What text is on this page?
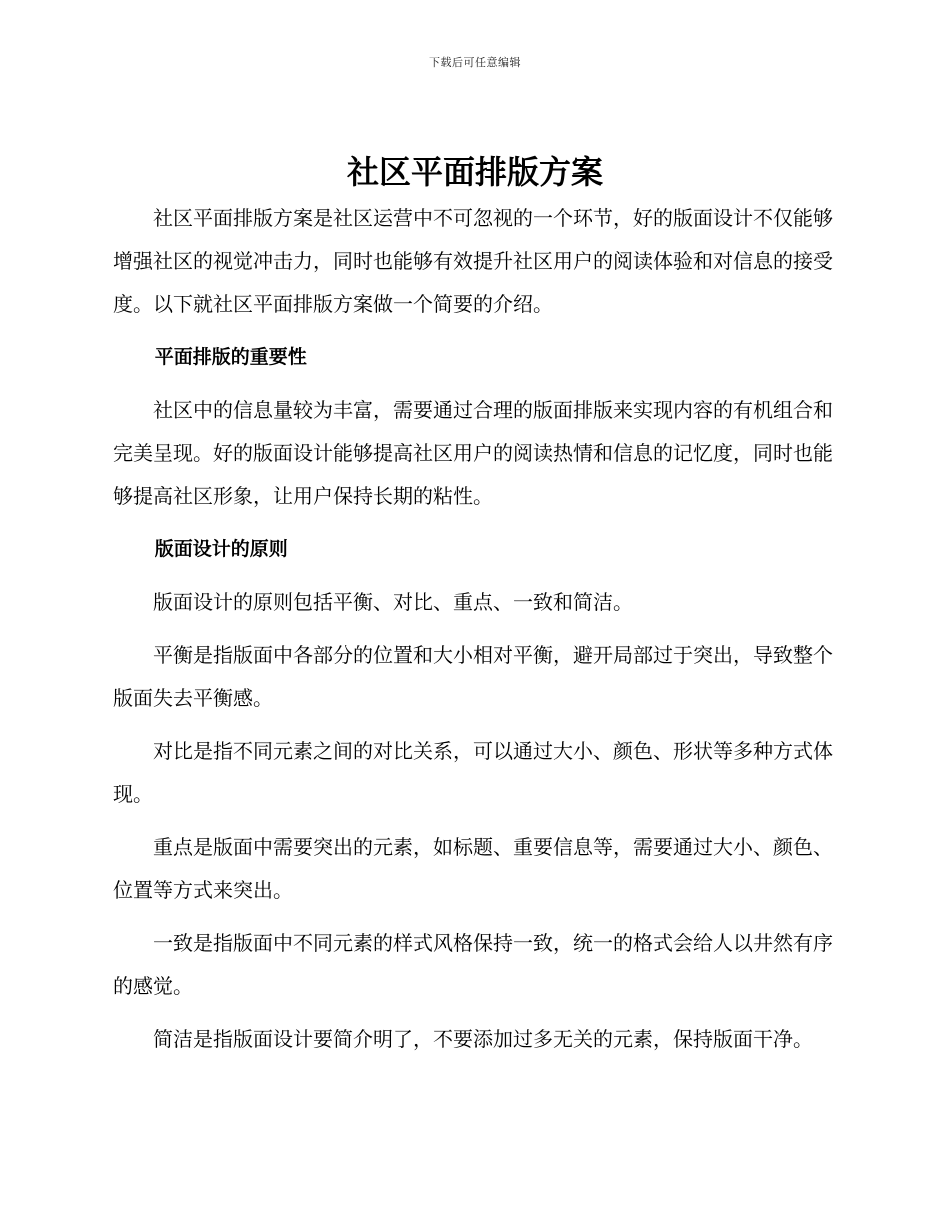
下载后可任意编辑
社区平面排版方案

社区平面排版方案是社区运营中不可忽视的一个环节，好的版面设计不仅能够增强社区的视觉冲击力，同时也能够有效提升社区用户的阅读体验和对信息的接受度。以下就社区平面排版方案做一个简要的介绍。

平面排版的重要性

社区中的信息量较为丰富，需要通过合理的版面排版来实现内容的有机组合和完美呈现。好的版面设计能够提高社区用户的阅读热情和信息的记忆度，同时也能够提高社区形象，让用户保持长期的粘性。

版面设计的原则

版面设计的原则包括平衡、对比、重点、一致和简洁。

平衡是指版面中各部分的位置和大小相对平衡，避开局部过于突出，导致整个版面失去平衡感。

对比是指不同元素之间的对比关系，可以通过大小、颜色、形状等多种方式体现。

重点是版面中需要突出的元素，如标题、重要信息等，需要通过大小、颜色、位置等方式来突出。

一致是指版面中不同元素的样式风格保持一致，统一的格式会给人以井然有序的感觉。

简洁是指版面设计要简介明了，不要添加过多无关的元素，保持版面干净。
